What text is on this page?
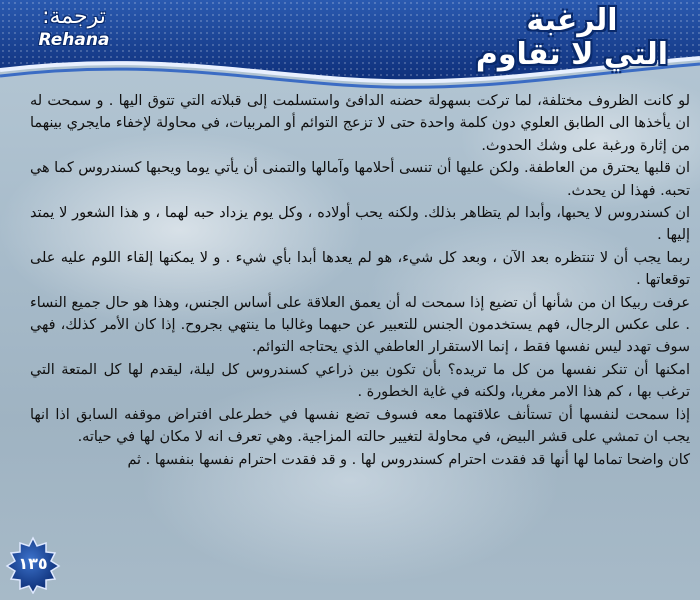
ترجمة:
Rehana
الرغبة
التي لا تقاوم

لو كانت الظروف مختلفة، لما تركت بسهولة حضنه الدافئ واستسلمت إلى قبلاته التي تتوق اليها . و سمحت له ان يأخذها الى الطابق العلوي دون كلمة واحدة حتى لا تزعج التوائم أو المربيات، في محاولة لإخفاء مايجري بينهما من إثارة ورغبة على وشك الحدوث.

ان قلبها يحترق من العاطفة. ولكن عليها أن تنسى أحلامها وآمالها والتمنى أن يأتي يوما ويحبها كسندروس كما هي تحبه. فهذا لن يحدث.

ان كسندروس لا يحبها، وأبدا لم يتظاهر بذلك. ولكنه يحب أولاده ، وكل يوم يزداد حبه لهما ، و هذا الشعور لا يمتد إليها .

ربما يجب أن لا تنتظره بعد الآن ، وبعد كل شيء، هو لم يعدها أبدا بأي شيء . و لا يمكنها إلقاء اللوم عليه على توقعاتها .

عرفت ربيكا ان من شأنها أن تضيع إذا سمحت له أن يعمق العلاقة على أساس الجنس، وهذا هو حال جميع النساء . على عكس الرجال، فهم يستخدمون الجنس للتعبير عن حبهما وغالبا ما ينتهي بجروح. إذا كان الأمر كذلك، فهي سوف تهدد ليس نفسها فقط ، إنما الاستقرار العاطفي الذي يحتاجه التوائم.

امكنها أن تنكر نفسها من كل ما تريده؟ بأن تكون بين ذراعي كسندروس كل ليلة، ليقدم لها كل المتعة التي ترغب بها ، كم هذا الامر مغريا، ولكنه في غاية الخطورة .

إذا سمحت لنفسها أن تستأنف علاقتهما معه فسوف تضع نفسها في خطرعلى افتراض موقفه السابق اذا انها يجب ان تمشي على قشر البيض، في محاولة لتغيير حالته المزاجية. وهي تعرف انه لا مكان لها في حياته.

كان واضحا تماما لها أنها قد فقدت احترام كسندروس لها . و قد فقدت احترام نفسها بنفسها . ثم

١٣٥
